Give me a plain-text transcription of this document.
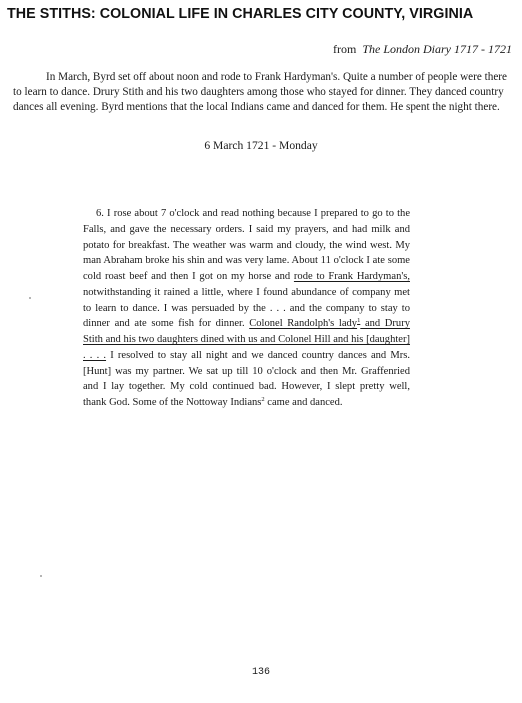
THE STITHS: COLONIAL LIFE IN CHARLES CITY COUNTY, VIRGINIA
from The London Diary 1717 - 1721

In March, Byrd set off about noon and rode to Frank Hardyman's. Quite a number of people were there to learn to dance. Drury Stith and his two daughters among those who stayed for dinner. They danced country dances all evening. Byrd mentions that the local Indians came and danced for them. He spent the night there.

6 March 1721 - Monday

6. I rose about 7 o'clock and read nothing because I prepared to go to the Falls, and gave the necessary orders. I said my prayers, and had milk and potato for breakfast. The weather was warm and cloudy, the wind west. My man Abraham broke his shin and was very lame. About 11 o'clock I ate some cold roast beef and then I got on my horse and rode to Frank Hardyman's, notwithstanding it rained a little, where I found abundance of company met to learn to dance. I was persuaded by the . . . and the company to stay to dinner and ate some fish for dinner. Colonel Randolph's lady$^1$ and Drury Stith and his two daughters dined with us and Colonel Hill and his [daughter] . . . . I resolved to stay all night and we danced country dances and Mrs. [Hunt] was my partner. We sat up till 10 o'clock and then Mr. Graffenried and I lay together. My cold continued bad. However, I slept pretty well, thank God. Some of the Nottoway Indians$^2$ came and danced.

136
